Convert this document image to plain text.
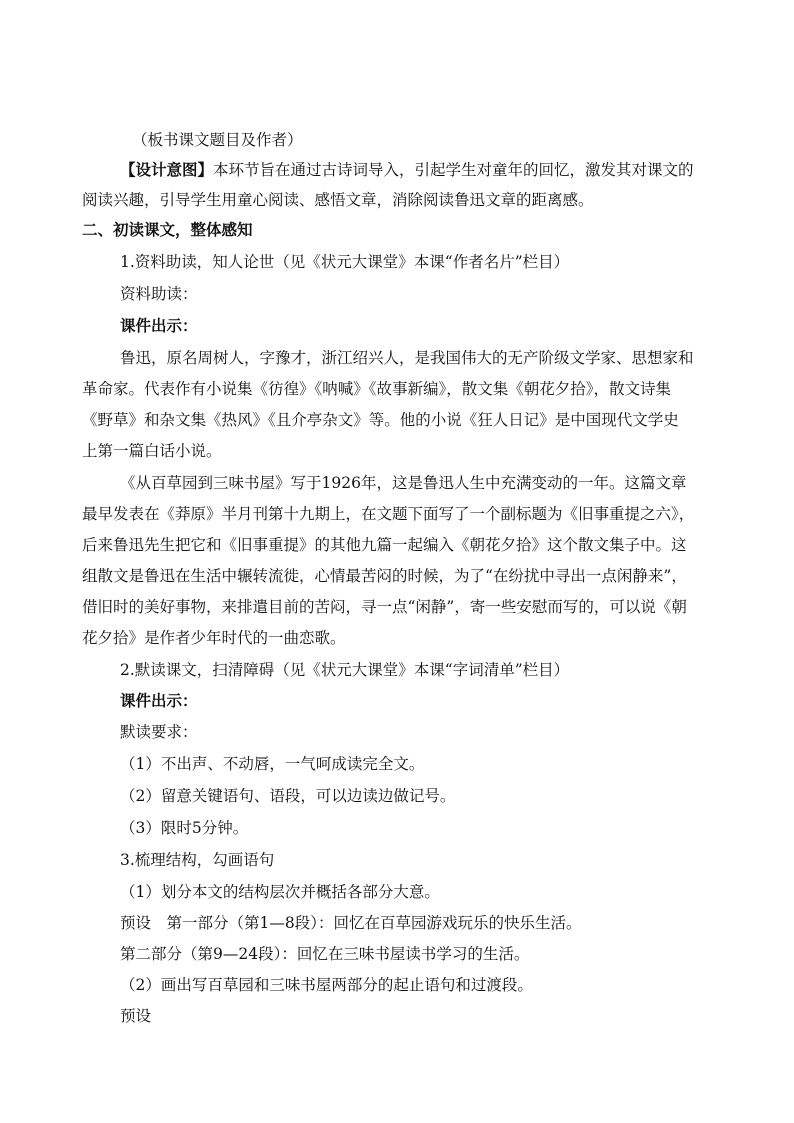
（板书课文题目及作者）
【设计意图】本环节旨在通过古诗词导入，引起学生对童年的回忆，激发其对课文的
阅读兴趣，引导学生用童心阅读、感悟文章，消除阅读鲁迅文章的距离感。
二、初读课文，整体感知
1.资料助读，知人论世（见《状元大课堂》本课“作者名片”栏目）
资料助读：
课件出示：
鲁迅，原名周树人，字豫才，浙江绍兴人，是我国伟大的无产阶级文学家、思想家和
革命家。代表作有小说集《彷徨》《呐喊》《故事新编》，散文集《朝花夕拾》，散文诗集
《野草》和杂文集《热风》《且介亭杂文》等。他的小说《狂人日记》是中国现代文学史
上第一篇白话小说。
《从百草园到三味书屋》写于1926年，这是鲁迅人生中充满变动的一年。这篇文章
最早发表在《莽原》半月刊第十九期上，在文题下面写了一个副标题为《旧事重提之六》，
后来鲁迅先生把它和《旧事重提》的其他九篇一起编入《朝花夕拾》这个散文集子中。这
组散文是鲁迅在生活中辗转流徙，心情最苦闷的时候，为了“在纷扰中寻出一点闲静来”，
借旧时的美好事物，来排遣目前的苦闷，寻一点“闲静”，寄一些安慰而写的，可以说《朝
花夕拾》是作者少年时代的一曲恋歌。
2.默读课文，扫清障碍（见《状元大课堂》本课“字词清单”栏目）
课件出示：
默读要求：
（1）不出声、不动唇，一气呵成读完全文。
（2）留意关键语句、语段，可以边读边做记号。
（3）限时5分钟。
3.梳理结构，勾画语句
（1）划分本文的结构层次并概括各部分大意。
预设　第一部分（第1—8段）：回忆在百草园游戏玩乐的快乐生活。
第二部分（第9—24段）：回忆在三味书屋读书学习的生活。
（2）画出写百草园和三味书屋两部分的起止语句和过渡段。
预设
